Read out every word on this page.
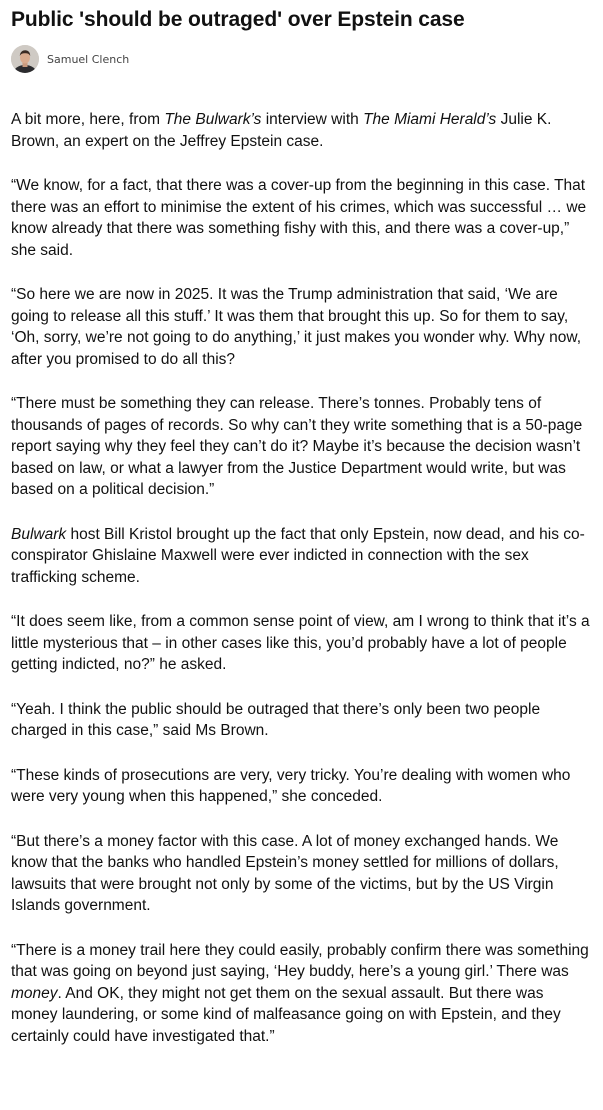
Public 'should be outraged' over Epstein case
Samuel Clench

A bit more, here, from The Bulwark’s interview with The Miami Herald’s Julie K. Brown, an expert on the Jeffrey Epstein case.

“We know, for a fact, that there was a cover-up from the beginning in this case. That there was an effort to minimise the extent of his crimes, which was successful … we know already that there was something fishy with this, and there was a cover-up,” she said.

“So here we are now in 2025. It was the Trump administration that said, ‘We are going to release all this stuff.’ It was them that brought this up. So for them to say, ‘Oh, sorry, we’re not going to do anything,’ it just makes you wonder why. Why now, after you promised to do all this?

“There must be something they can release. There’s tonnes. Probably tens of thousands of pages of records. So why can’t they write something that is a 50-page report saying why they feel they can’t do it? Maybe it’s because the decision wasn’t based on law, or what a lawyer from the Justice Department would write, but was based on a political decision.”

Bulwark host Bill Kristol brought up the fact that only Epstein, now dead, and his co-conspirator Ghislaine Maxwell were ever indicted in connection with the sex trafficking scheme.

“It does seem like, from a common sense point of view, am I wrong to think that it’s a little mysterious that – in other cases like this, you’d probably have a lot of people getting indicted, no?” he asked.

“Yeah. I think the public should be outraged that there’s only been two people charged in this case,” said Ms Brown.

“These kinds of prosecutions are very, very tricky. You’re dealing with women who were very young when this happened,” she conceded.

“But there’s a money factor with this case. A lot of money exchanged hands. We know that the banks who handled Epstein’s money settled for millions of dollars, lawsuits that were brought not only by some of the victims, but by the US Virgin Islands government.

“There is a money trail here they could easily, probably confirm there was something that was going on beyond just saying, ‘Hey buddy, here’s a young girl.’ There was money. And OK, they might not get them on the sexual assault. But there was money laundering, or some kind of malfeasance going on with Epstein, and they certainly could have investigated that.”
